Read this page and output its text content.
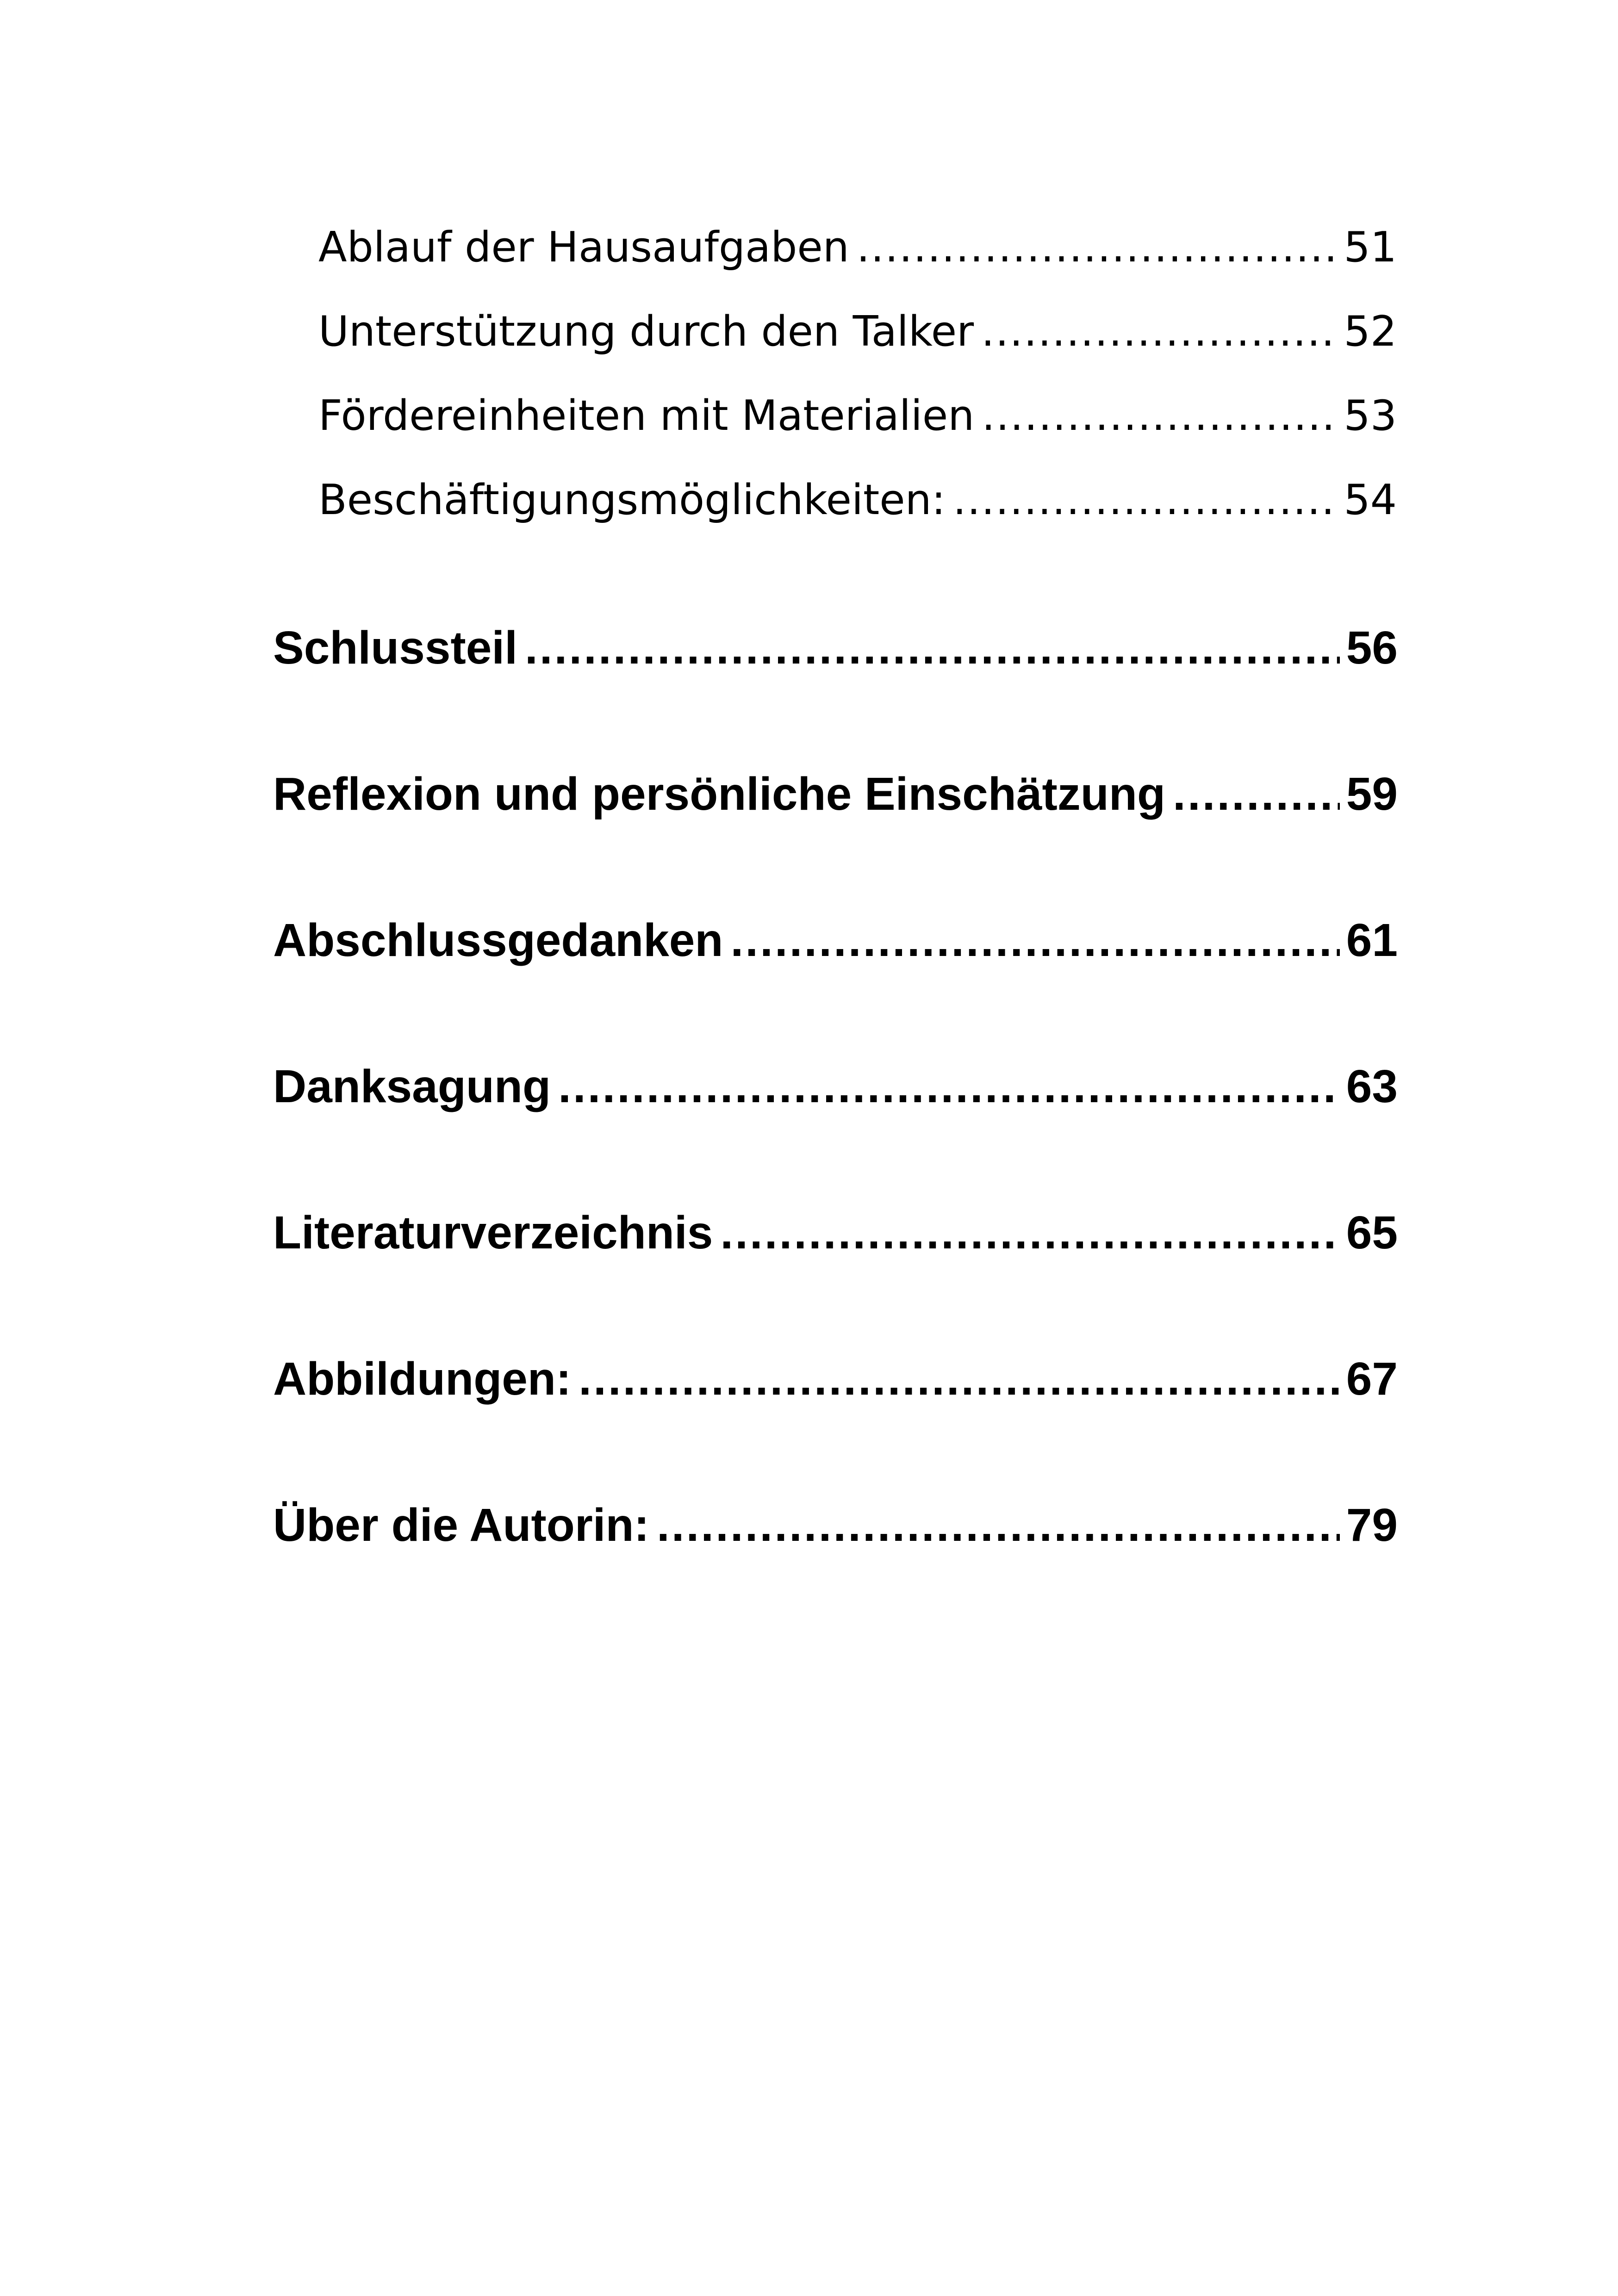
Ablauf der Hausaufgaben .....	51
Unterstützung durch den Talker .....	52
Fördereinheiten mit Materialien .....	53
Beschäftigungsmöglichkeiten: .....	54
Schlussteil .....	56
Reflexion und persönliche Einschätzung .....	59
Abschlussgedanken .....	61
Danksagung .....	63
Literaturverzeichnis .....	65
Abbildungen: .....	67
Über die Autorin: .....	79
